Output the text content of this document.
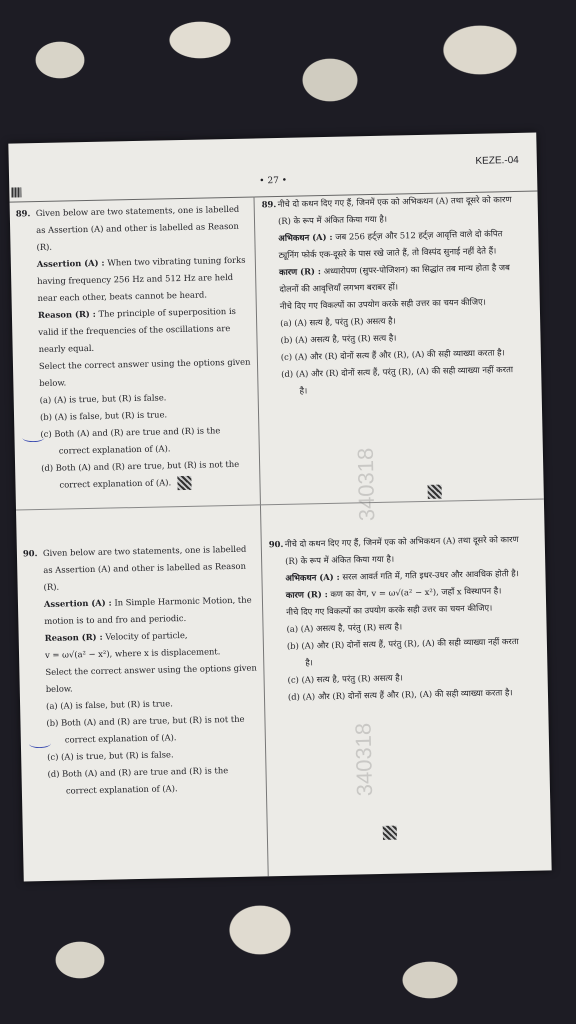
• 27 •
KEZE.-04
89. Given below are two statements, one is labelled as Assertion (A) and other is labelled as Reason (R).

Assertion (A) : When two vibrating tuning forks having frequency 256 Hz and 512 Hz are held near each other, beats cannot be heard.

Reason (R) : The principle of superposition is valid if the frequencies of the oscillations are nearly equal.

Select the correct answer using the options given below.

(a) (A) is true, but (R) is false.

(b) (A) is false, but (R) is true.

(c) Both (A) and (R) are true and (R) is the correct explanation of (A).

(d) Both (A) and (R) are true, but (R) is not the correct explanation of (A).

89. नीचे दो कथन दिए गए हैं, जिनमें एक को अभिकथन (A) तथा दूसरे को कारण (R) के रूप में अंकित किया गया है।

अभिकथन (A) : जब 256 हर्ट्ज़ और 512 हर्ट्ज़ आवृत्ति वाले दो कंपित ट्यूनिंग फोर्क एक-दूसरे के पास रखे जाते हैं, तो विस्पंद सुनाई नहीं देते हैं।

कारण (R) : अध्यारोपण (सुपर-पोजिशन) का सिद्धांत तब मान्य होता है जब दोलनों की आवृत्तियाँ लगभग बराबर हों।

नीचे दिए गए विकल्पों का उपयोग करके सही उत्तर का चयन कीजिए।

(a) (A) सत्य है, परंतु (R) असत्य है।

(b) (A) असत्य है, परंतु (R) सत्य है।

(c) (A) और (R) दोनों सत्य हैं और (R), (A) की सही व्याख्या करता है।

(d) (A) और (R) दोनों सत्य हैं, परंतु (R), (A) की सही व्याख्या नहीं करता है।

340318
90. Given below are two statements, one is labelled as Assertion (A) and other is labelled as Reason (R).

Assertion (A) : In Simple Harmonic Motion, the motion is to and fro and periodic.

Reason (R) : Velocity of particle,

v = ω√(a² − x²), where x is displacement.

Select the correct answer using the options given below.

(a) (A) is false, but (R) is true.

(b) Both (A) and (R) are true, but (R) is not the correct explanation of (A).

(c) (A) is true, but (R) is false.

(d) Both (A) and (R) are true and (R) is the correct explanation of (A).

90. नीचे दो कथन दिए गए हैं, जिनमें एक को अभिकथन (A) तथा दूसरे को कारण (R) के रूप में अंकित किया गया है।

अभिकथन (A) : सरल आवर्त गति में, गति इधर-उधर और आवधिक होती है।

कारण (R) : कण का वेग, v = ω√(a² − x²), जहाँ x विस्थापन है।

नीचे दिए गए विकल्पों का उपयोग करके सही उत्तर का चयन कीजिए।

(a) (A) असत्य है, परंतु (R) सत्य है।

(b) (A) और (R) दोनों सत्य हैं, परंतु (R), (A) की सही व्याख्या नहीं करता है।

(c) (A) सत्य है, परंतु (R) असत्य है।

(d) (A) और (R) दोनों सत्य हैं और (R), (A) की सही व्याख्या करता है।

340318
